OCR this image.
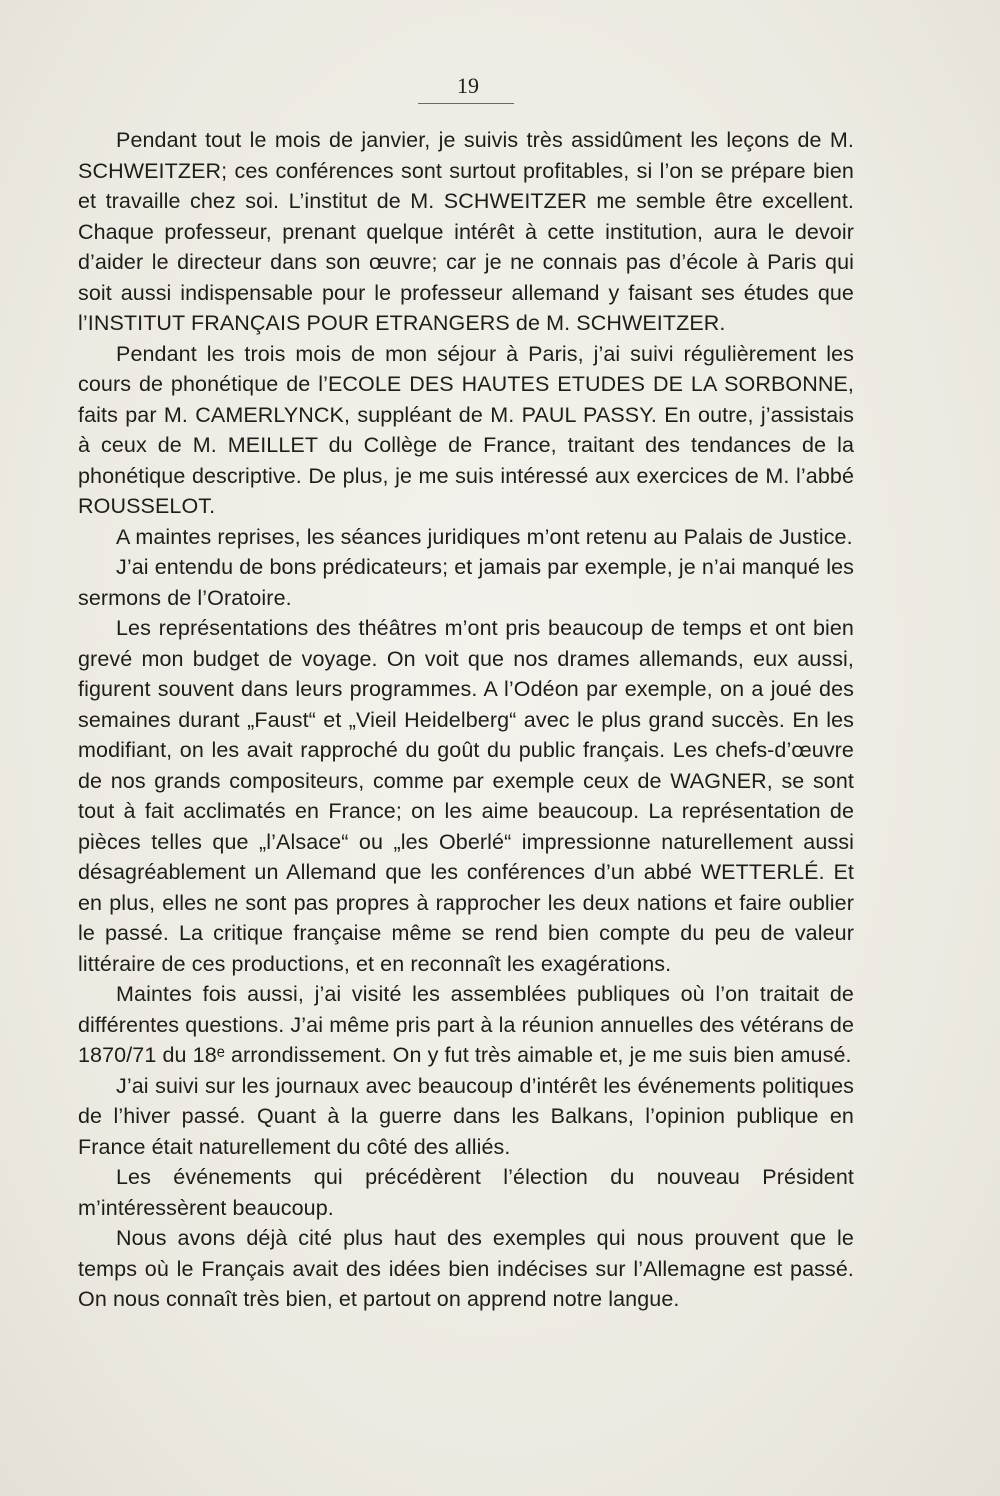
19

Pendant tout le mois de janvier, je suivis très assidûment les leçons de M. SCHWEITZER; ces conférences sont surtout profitables, si l’on se prépare bien et travaille chez soi. L’institut de M. SCHWEITZER me semble être excellent. Chaque professeur, prenant quelque intérêt à cette institution, aura le devoir d’aider le directeur dans son œuvre; car je ne connais pas d’école à Paris qui soit aussi indispensable pour le professeur allemand y faisant ses études que l’INSTITUT FRANÇAIS POUR ETRANGERS de M. SCHWEITZER.

Pendant les trois mois de mon séjour à Paris, j’ai suivi régulièrement les cours de phonétique de l’ECOLE DES HAUTES ETUDES DE LA SORBONNE, faits par M. CAMERLYNCK, suppléant de M. PAUL PASSY. En outre, j’assistais à ceux de M. MEILLET du Collège de France, traitant des tendances de la phonétique descriptive. De plus, je me suis intéressé aux exercices de M. l’abbé ROUSSELOT.

A maintes reprises, les séances juridiques m’ont retenu au Palais de Justice.

J’ai entendu de bons prédicateurs; et jamais par exemple, je n’ai manqué les sermons de l’Oratoire.

Les représentations des théâtres m’ont pris beaucoup de temps et ont bien grevé mon budget de voyage. On voit que nos drames allemands, eux aussi, figurent souvent dans leurs programmes. A l’Odéon par exemple, on a joué des semaines durant „Faust“ et „Vieil Heidelberg“ avec le plus grand succès. En les modifiant, on les avait rapproché du goût du public français. Les chefs-d’œuvre de nos grands compositeurs, comme par exemple ceux de WAGNER, se sont tout à fait acclimatés en France; on les aime beaucoup. La représentation de pièces telles que „l’Alsace“ ou „les Oberlé“ impressionne naturellement aussi désagréablement un Allemand que les conférences d’un abbé WETTERLÉ. Et en plus, elles ne sont pas propres à rapprocher les deux nations et faire oublier le passé. La critique française même se rend bien compte du peu de valeur littéraire de ces productions, et en reconnaît les exagérations.

Maintes fois aussi, j’ai visité les assemblées publiques où l’on traitait de différentes questions. J’ai même pris part à la réunion annuelles des vétérans de 1870/71 du 18ᵉ arrondissement. On y fut très aimable et, je me suis bien amusé.

J’ai suivi sur les journaux avec beaucoup d’intérêt les événements politiques de l’hiver passé. Quant à la guerre dans les Balkans, l’opinion publique en France était naturellement du côté des alliés.

Les événements qui précédèrent l’élection du nouveau Président m’intéressèrent beaucoup.

Nous avons déjà cité plus haut des exemples qui nous prouvent que le temps où le Français avait des idées bien indécises sur l’Allemagne est passé. On nous connaît très bien, et partout on apprend notre langue.
